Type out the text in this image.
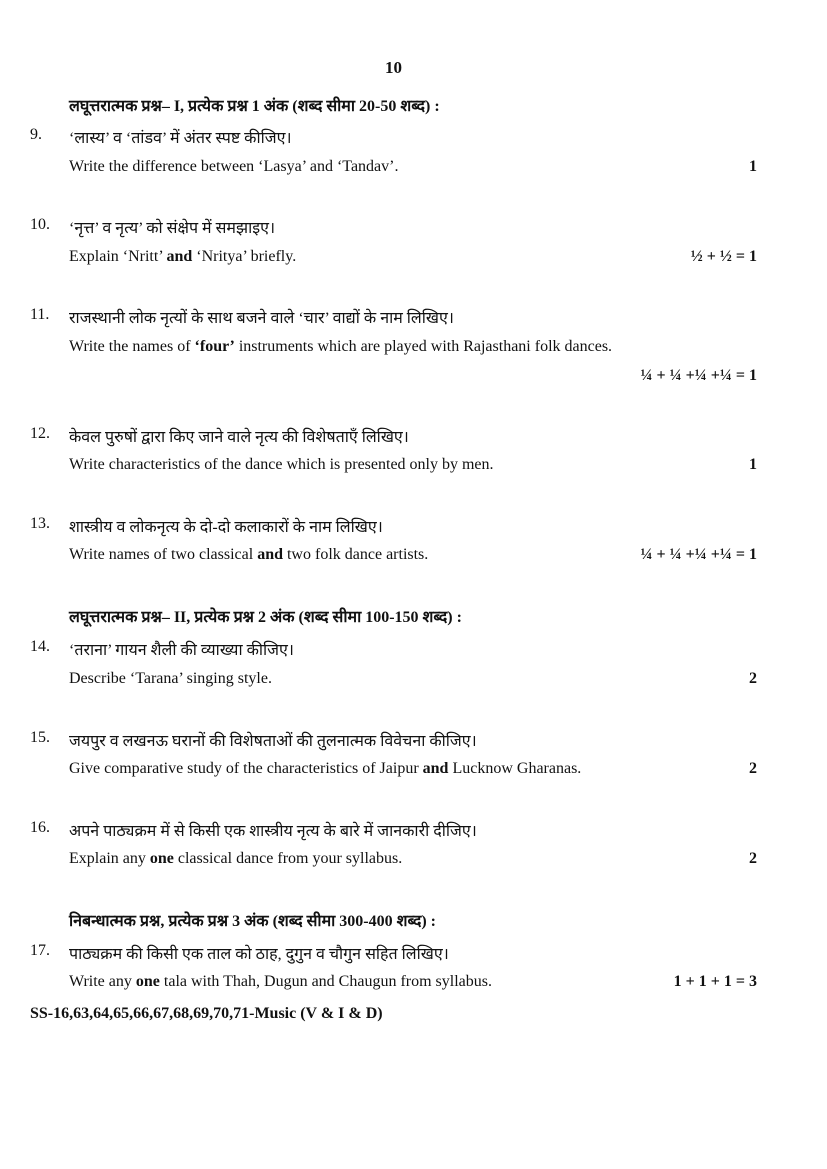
10
लघूत्तरात्मक प्रश्न– I, प्रत्येक प्रश्न 1 अंक (शब्द सीमा 20-50 शब्द) :
9. ‘लास्य’ व ‘तांडव’ में अंतर स्पष्ट कीजिए।
Write the difference between ‘Lasya’ and ‘Tandav’.	1
10. ‘नृत्त’ व नृत्य’ को संक्षेप में समझाइए।
Explain ‘Nritt’ and ‘Nritya’ briefly.	½ + ½ = 1
11. राजस्थानी लोक नृत्यों के साथ बजने वाले ‘चार’ वाद्यों के नाम लिखिए।
Write the names of ‘four’ instruments which are played with Rajasthani folk dances.
¼ + ¼ +¼ +¼ = 1
12. केवल पुरुषों द्वारा किए जाने वाले नृत्य की विशेषताएँ लिखिए।
Write characteristics of the dance which is presented only by men.	1
13. शास्त्रीय व लोकनृत्य के दो-दो कलाकारों के नाम लिखिए।
Write names of two classical and two folk dance artists.	¼ + ¼ +¼ +¼ = 1
लघूत्तरात्मक प्रश्न– II, प्रत्येक प्रश्न 2 अंक (शब्द सीमा 100-150 शब्द) :
14. ‘तराना’ गायन शैली की व्याख्या कीजिए।
Describe ‘Tarana’ singing style.	2
15. जयपुर व लखनऊ घरानों की विशेषताओं की तुलनात्मक विवेचना कीजिए।
Give comparative study of the characteristics of Jaipur and Lucknow Gharanas.	2
16. अपने पाठ्यक्रम में से किसी एक शास्त्रीय नृत्य के बारे में जानकारी दीजिए।
Explain any one classical dance from your syllabus.	2
निबन्धात्मक प्रश्न, प्रत्येक प्रश्न 3 अंक (शब्द सीमा 300-400 शब्द) :
17. पाठ्यक्रम की किसी एक ताल को ठाह, दुगुन व चौगुन सहित लिखिए।
Write any one tala with Thah, Dugun and Chaugun from syllabus.	1 + 1 + 1 = 3
SS-16,63,64,65,66,67,68,69,70,71-Music (V & I & D)
